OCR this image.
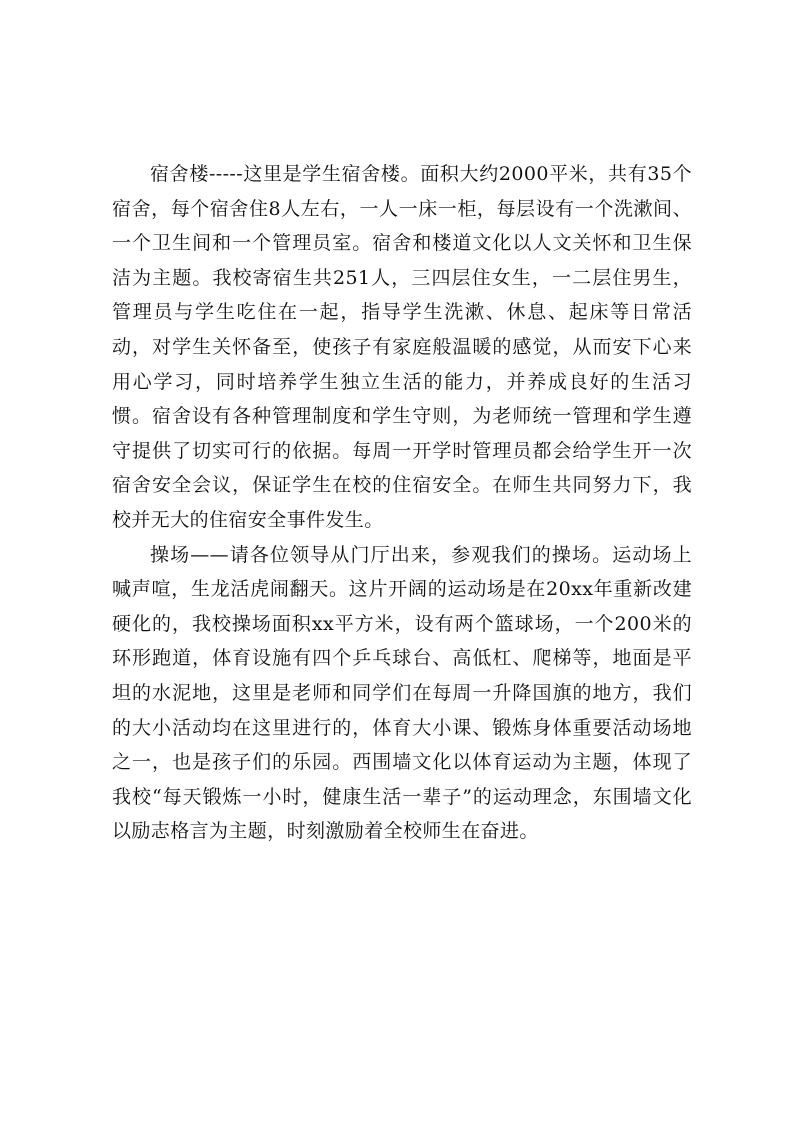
宿舍楼-----这里是学生宿舍楼。面积大约2000平米，共有35个宿舍，每个宿舍住8人左右，一人一床一柜，每层设有一个洗漱间、一个卫生间和一个管理员室。宿舍和楼道文化以人文关怀和卫生保洁为主题。我校寄宿生共251人，三四层住女生，一二层住男生，管理员与学生吃住在一起，指导学生洗漱、休息、起床等日常活动，对学生关怀备至，使孩子有家庭般温暖的感觉，从而安下心来用心学习，同时培养学生独立生活的能力，并养成良好的生活习惯。宿舍设有各种管理制度和学生守则，为老师统一管理和学生遵守提供了切实可行的依据。每周一开学时管理员都会给学生开一次宿舍安全会议，保证学生在校的住宿安全。在师生共同努力下，我校并无大的住宿安全事件发生。

操场——请各位领导从门厅出来，参观我们的操场。运动场上喊声喧，生龙活虎闹翻天。这片开阔的运动场是在20xx年重新改建硬化的，我校操场面积xx平方米，设有两个篮球场，一个200米的环形跑道，体育设施有四个乒乓球台、高低杠、爬梯等，地面是平坦的水泥地，这里是老师和同学们在每周一升降国旗的地方，我们的大小活动均在这里进行的，体育大小课、锻炼身体重要活动场地之一，也是孩子们的乐园。西围墙文化以体育运动为主题，体现了我校“每天锻炼一小时，健康生活一辈子”的运动理念，东围墙文化以励志格言为主题，时刻激励着全校师生在奋进。
